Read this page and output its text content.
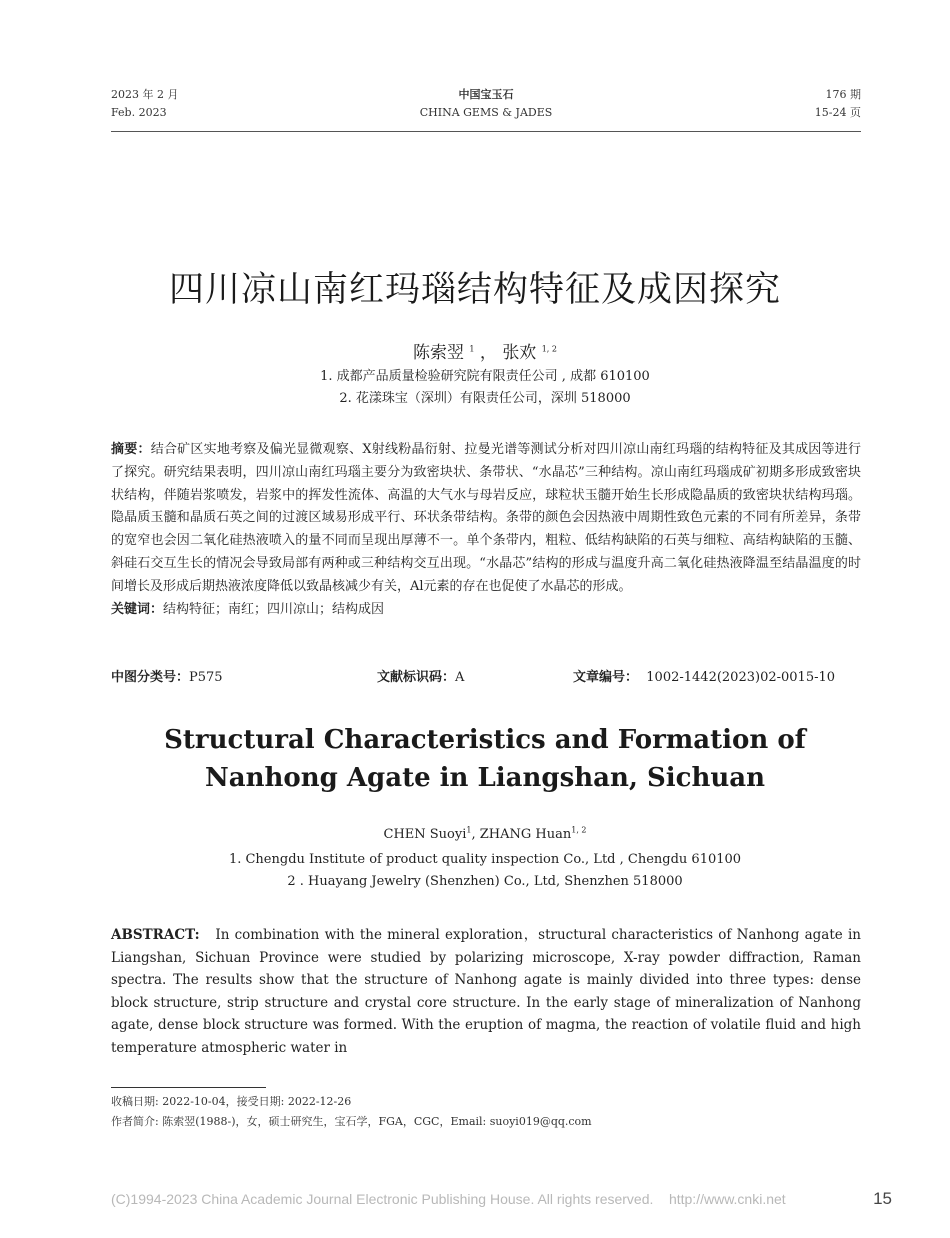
2023 年 2 月
Feb. 2023
中国宝玉石
CHINA GEMS & JADES
176 期
15-24 页
四川凉山南红玛瑙结构特征及成因探究
陈索翌 $^1$ ， 张欢 $^{1, 2}$
1. 成都产品质量检验研究院有限责任公司 , 成都 610100
2. 花漾珠宝（深圳）有限责任公司，深圳 518000
摘要：结合矿区实地考察及偏光显微观察、X射线粉晶衍射、拉曼光谱等测试分析对四川凉山南红玛瑙的结构特征及其成因等进行了探究。研究结果表明，四川凉山南红玛瑙主要分为致密块状、条带状、“水晶芯”三种结构。凉山南红玛瑙成矿初期多形成致密块状结构，伴随岩浆喷发，岩浆中的挥发性流体、高温的大气水与母岩反应，球粒状玉髓开始生长形成隐晶质的致密块状结构玛瑙。隐晶质玉髓和晶质石英之间的过渡区域易形成平行、环状条带结构。条带的颜色会因热液中周期性致色元素的不同有所差异，条带的宽窄也会因二氧化硅热液喷入的量不同而呈现出厚薄不一。单个条带内，粗粒、低结构缺陷的石英与细粒、高结构缺陷的玉髓、斜硅石交互生长的情况会导致局部有两种或三种结构交互出现。“水晶芯”结构的形成与温度升高二氧化硅热液降温至结晶温度的时间增长及形成后期热液浓度降低以致晶核减少有关，Al元素的存在也促使了水晶芯的形成。
关键词：结构特征；南红；四川凉山；结构成因
中图分类号：P575	文献标识码：A	文章编号： 1002-1442(2023)02-0015-10
Structural Characteristics and Formation of
Nanhong Agate in Liangshan, Sichuan
CHEN Suoyi$^1$, ZHANG Huan$^{1, 2}$
1. Chengdu Institute of product quality inspection Co., Ltd , Chengdu 610100
2 . Huayang Jewelry (Shenzhen) Co., Ltd, Shenzhen 518000
ABSTRACT: In combination with the mineral exploration，structural characteristics of Nanhong agate in Liangshan, Sichuan Province were studied by polarizing microscope, X-ray powder diffraction, Raman spectra. The results show that the structure of Nanhong agate is mainly divided into three types: dense block structure, strip structure and crystal core structure. In the early stage of mineralization of Nanhong agate, dense block structure was formed. With the eruption of magma, the reaction of volatile fluid and high temperature atmospheric water in
收稿日期: 2022-10-04，接受日期: 2022-12-26
作者简介: 陈索翌(1988-)，女，硕士研究生，宝石学，FGA，CGC，Email: suoyi019@qq.com
(C)1994-2023 China Academic Journal Electronic Publishing House. All rights reserved.    http://www.cnki.net	15
